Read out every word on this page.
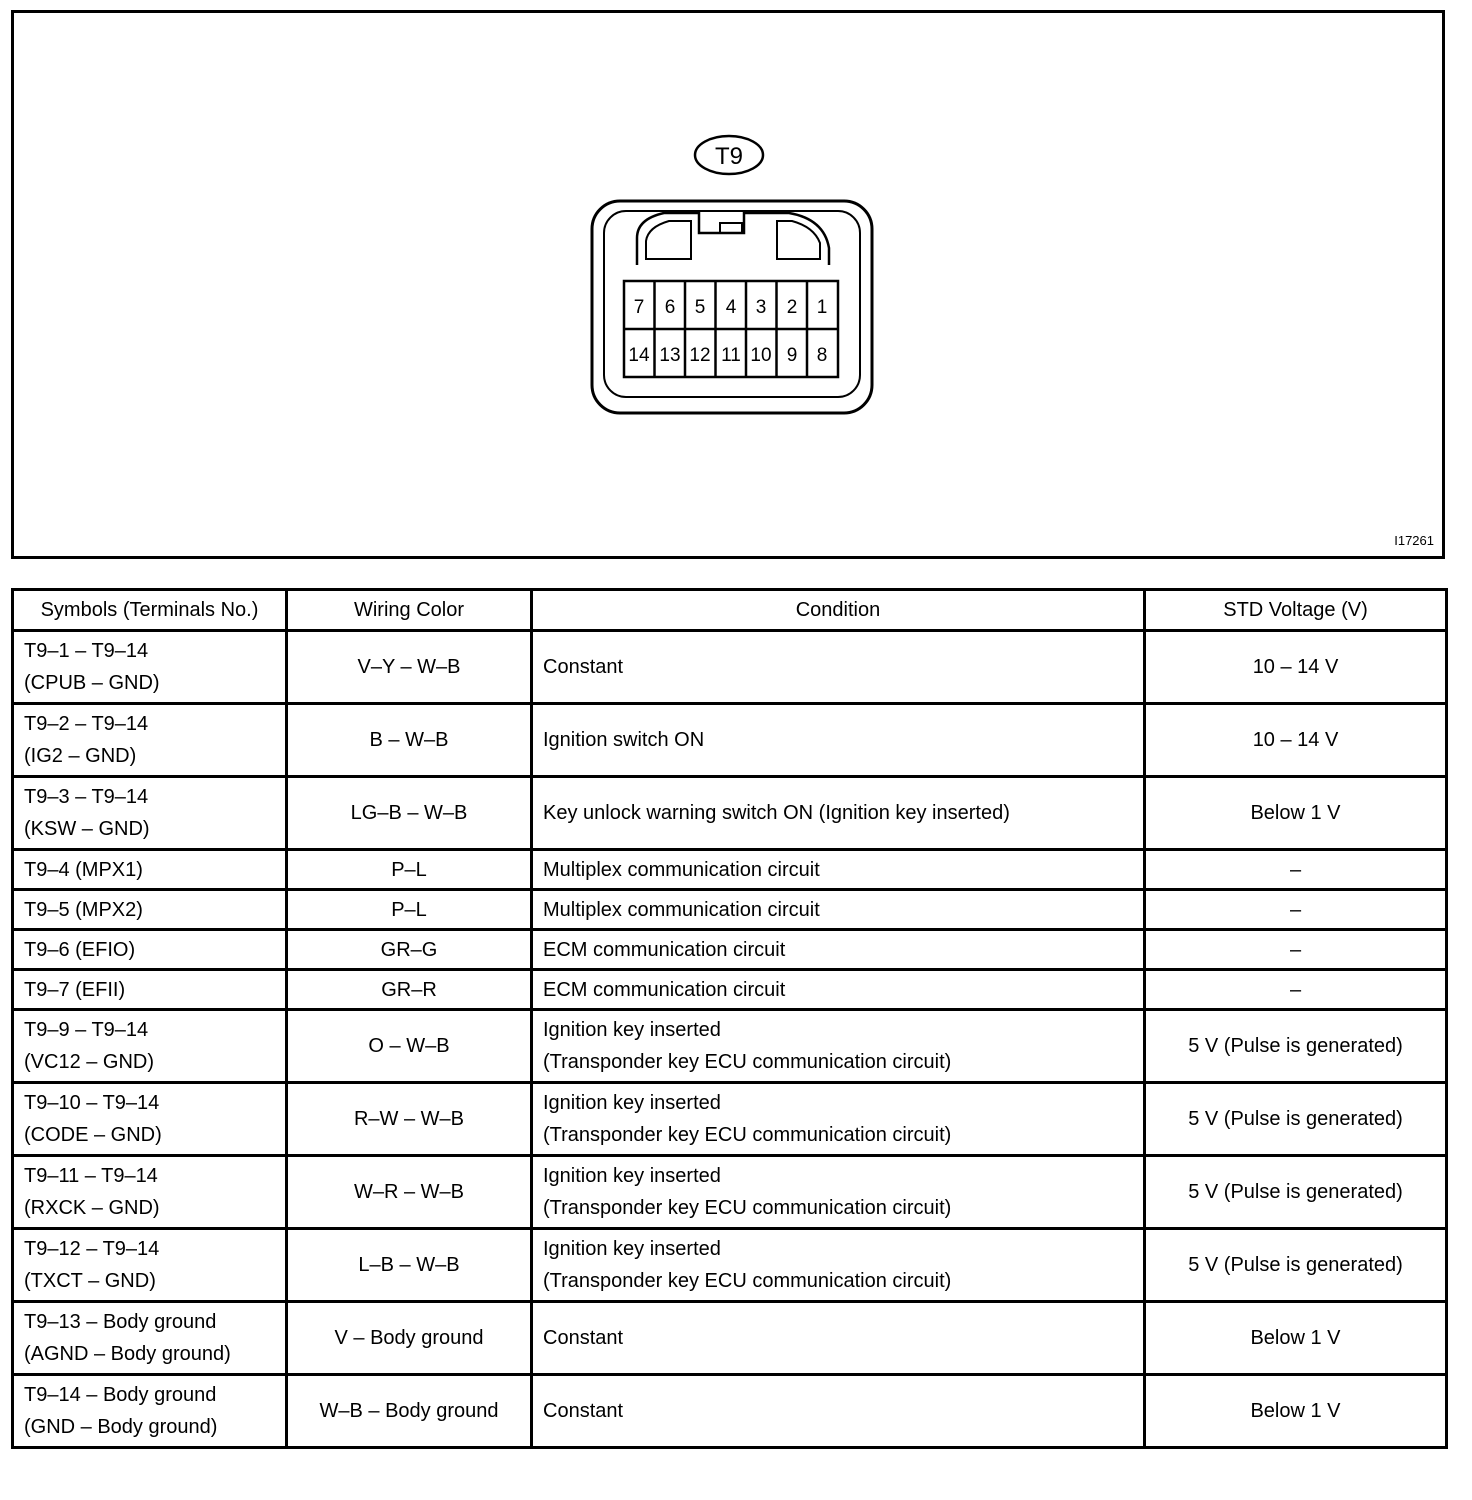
T9
7 6 5 4 3 2 1
14 13 12 11 10 9 8
I17261
Symbols (Terminals No.)	Wiring Color	Condition	STD Voltage (V)

T9–1 – T9–14
(CPUB – GND)	V–Y – W–B	Constant	10 – 14 V

T9–2 – T9–14
(IG2 – GND)	B – W–B	Ignition switch ON	10 – 14 V

T9–3 – T9–14
(KSW – GND)	LG–B – W–B	Key unlock warning switch ON (Ignition key inserted)	Below 1 V
T9–4 (MPX1)	P–L	Multiplex communication circuit	–
T9–5 (MPX2)	P–L	Multiplex communication circuit	–
T9–6 (EFIO)	GR–G	ECM communication circuit	–
T9–7 (EFII)	GR–R	ECM communication circuit	–

T9–9 – T9–14
(VC12 – GND)	O – W–B	Ignition key inserted
(Transponder key ECU communication circuit)	5 V (Pulse is generated)

T9–10 – T9–14
(CODE – GND)	R–W – W–B	Ignition key inserted
(Transponder key ECU communication circuit)	5 V (Pulse is generated)

T9–11 – T9–14
(RXCK – GND)	W–R – W–B	Ignition key inserted
(Transponder key ECU communication circuit)	5 V (Pulse is generated)

T9–12 – T9–14
(TXCT – GND)	L–B – W–B	Ignition key inserted
(Transponder key ECU communication circuit)	5 V (Pulse is generated)

T9–13 – Body ground
(AGND – Body ground)	V – Body ground	Constant	Below 1 V

T9–14 – Body ground
(GND – Body ground)	W–B – Body ground	Constant	Below 1 V
